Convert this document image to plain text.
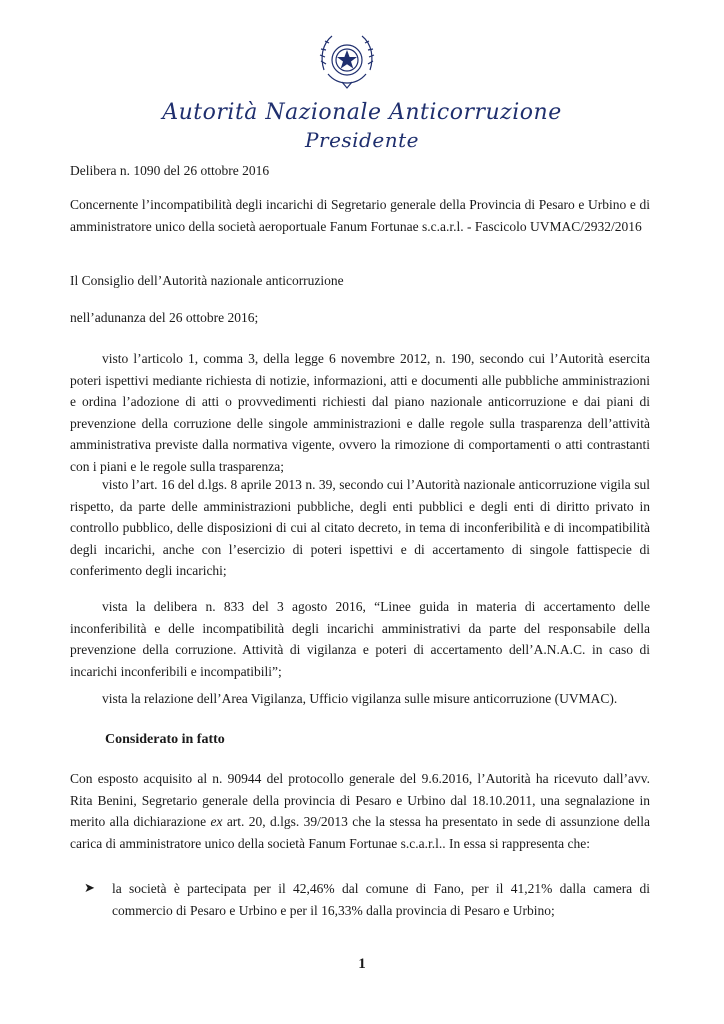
Autorità Nazionale Anticorruzione
Presidente

Delibera n. 1090 del 26 ottobre 2016

Concernente l’incompatibilità degli incarichi di Segretario generale della Provincia di Pesaro e Urbino e di amministratore unico della società aeroportuale Fanum Fortunae s.c.a.r.l. - Fascicolo UVMAC/2932/2016

Il Consiglio dell’Autorità nazionale anticorruzione

nell’adunanza del 26 ottobre 2016;

visto l’articolo 1, comma 3, della legge 6 novembre 2012, n. 190, secondo cui l’Autorità esercita poteri ispettivi mediante richiesta di notizie, informazioni, atti e documenti alle pubbliche amministrazioni e ordina l’adozione di atti o provvedimenti richiesti dal piano nazionale anticorruzione e dai piani di prevenzione della corruzione delle singole amministrazioni e dalle regole sulla trasparenza dell’attività amministrativa previste dalla normativa vigente, ovvero la rimozione di comportamenti o atti contrastanti con i piani e le regole sulla trasparenza;

visto l’art. 16 del d.lgs. 8 aprile 2013 n. 39, secondo cui l’Autorità nazionale anticorruzione vigila sul rispetto, da parte delle amministrazioni pubbliche, degli enti pubblici e degli enti di diritto privato in controllo pubblico, delle disposizioni di cui al citato decreto, in tema di inconferibilità e di incompatibilità degli incarichi, anche con l’esercizio di poteri ispettivi e di accertamento di singole fattispecie di conferimento degli incarichi;

vista la delibera n. 833 del 3 agosto 2016, “Linee guida in materia di accertamento delle inconferibilità e delle incompatibilità degli incarichi amministrativi da parte del responsabile della prevenzione della corruzione. Attività di vigilanza e poteri di accertamento dell’A.N.A.C. in caso di incarichi inconferibili e incompatibili”;

vista la relazione dell’Area Vigilanza, Ufficio vigilanza sulle misure anticorruzione (UVMAC).

Considerato in fatto

Con esposto acquisito al n. 90944 del protocollo generale del 9.6.2016, l’Autorità ha ricevuto dall’avv. Rita Benini, Segretario generale della provincia di Pesaro e Urbino dal 18.10.2011, una segnalazione in merito alla dichiarazione ex art. 20, d.lgs. 39/2013 che la stessa ha presentato in sede di assunzione della carica di amministratore unico della società Fanum Fortunae s.c.a.r.l.. In essa si rappresenta che:

➤ la società è partecipata per il 42,46% dal comune di Fano, per il 41,21% dalla camera di commercio di Pesaro e Urbino e per il 16,33% dalla provincia di Pesaro e Urbino;

1
